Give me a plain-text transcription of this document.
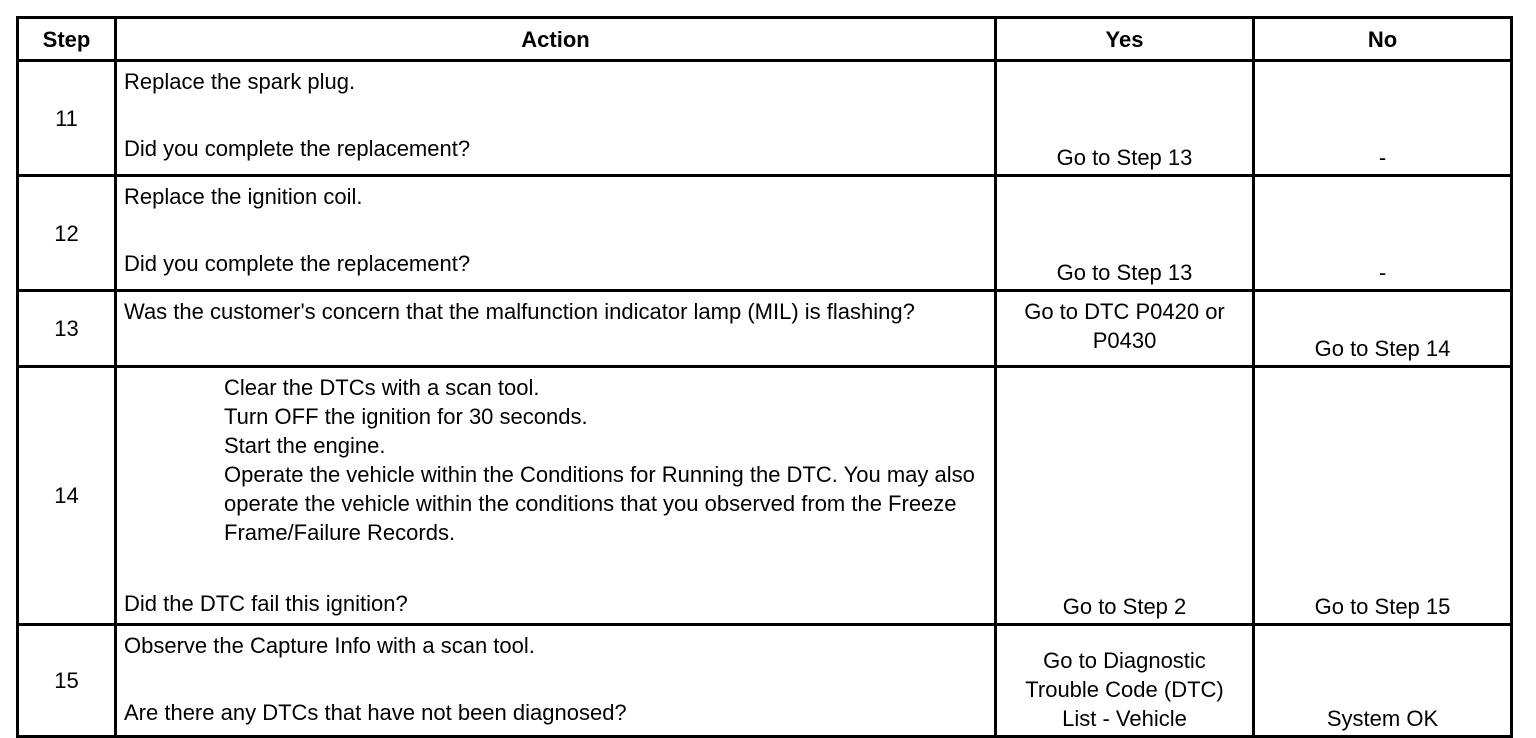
Step	Action	Yes	No
11	Replace the spark plug.
Did you complete the replacement?	Go to Step 13	-
12	Replace the ignition coil.
Did you complete the replacement?	Go to Step 13	-
13	Was the customer's concern that the malfunction indicator lamp (MIL) is flashing?	Go to DTC P0420 or P0430	Go to Step 14
14	Clear the DTCs with a scan tool.
Turn OFF the ignition for 30 seconds.
Start the engine.
Operate the vehicle within the Conditions for Running the DTC. You may also operate the vehicle within the conditions that you observed from the Freeze Frame/Failure Records.
Did the DTC fail this ignition?	Go to Step 2	Go to Step 15
15	Observe the Capture Info with a scan tool.
Are there any DTCs that have not been diagnosed?	Go to Diagnostic Trouble Code (DTC) List - Vehicle	System OK
